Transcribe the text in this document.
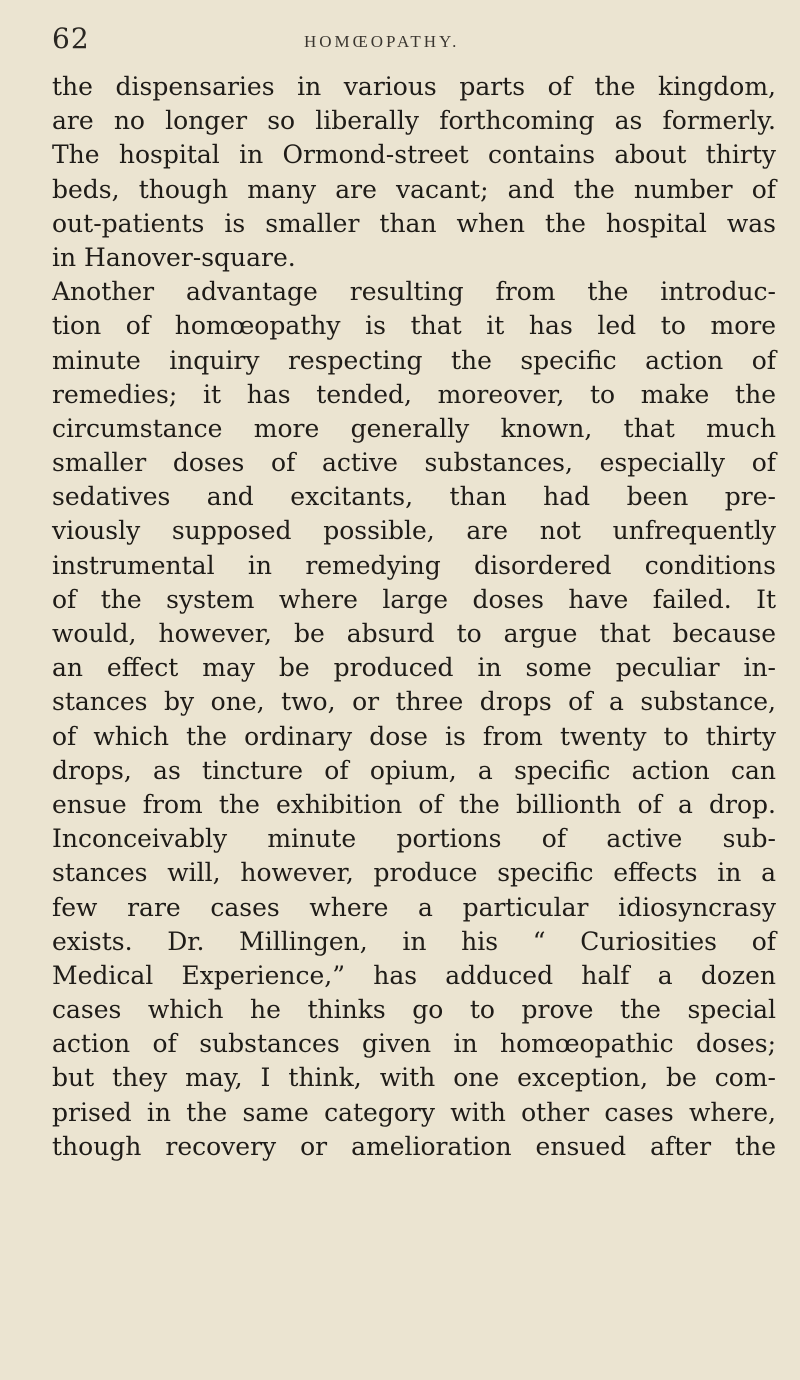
62	HOMŒOPATHY.
the dispensaries in various parts of the kingdom,
are no longer so liberally forthcoming as formerly.
The hospital in Ormond-street contains about thirty
beds, though many are vacant; and the number of
out-patients is smaller than when the hospital was
in Hanover-square.
Another advantage resulting from the introduc-
tion of homœopathy is that it has led to more
minute inquiry respecting the specific action of
remedies; it has tended, moreover, to make the
circumstance more generally known, that much
smaller doses of active substances, especially of
sedatives and excitants, than had been pre-
viously supposed possible, are not unfrequently
instrumental in remedying disordered conditions
of the system where large doses have failed. It
would, however, be absurd to argue that because
an effect may be produced in some peculiar in-
stances by one, two, or three drops of a substance,
of which the ordinary dose is from twenty to thirty
drops, as tincture of opium, a specific action can
ensue from the exhibition of the billionth of a drop.
Inconceivably minute portions of active sub-
stances will, however, produce specific effects in a
few rare cases where a particular idiosyncrasy
exists. Dr. Millingen, in his “ Curiosities of
Medical Experience,” has adduced half a dozen
cases which he thinks go to prove the special
action of substances given in homœopathic doses;
but they may, I think, with one exception, be com-
prised in the same category with other cases where,
though recovery or amelioration ensued after the
